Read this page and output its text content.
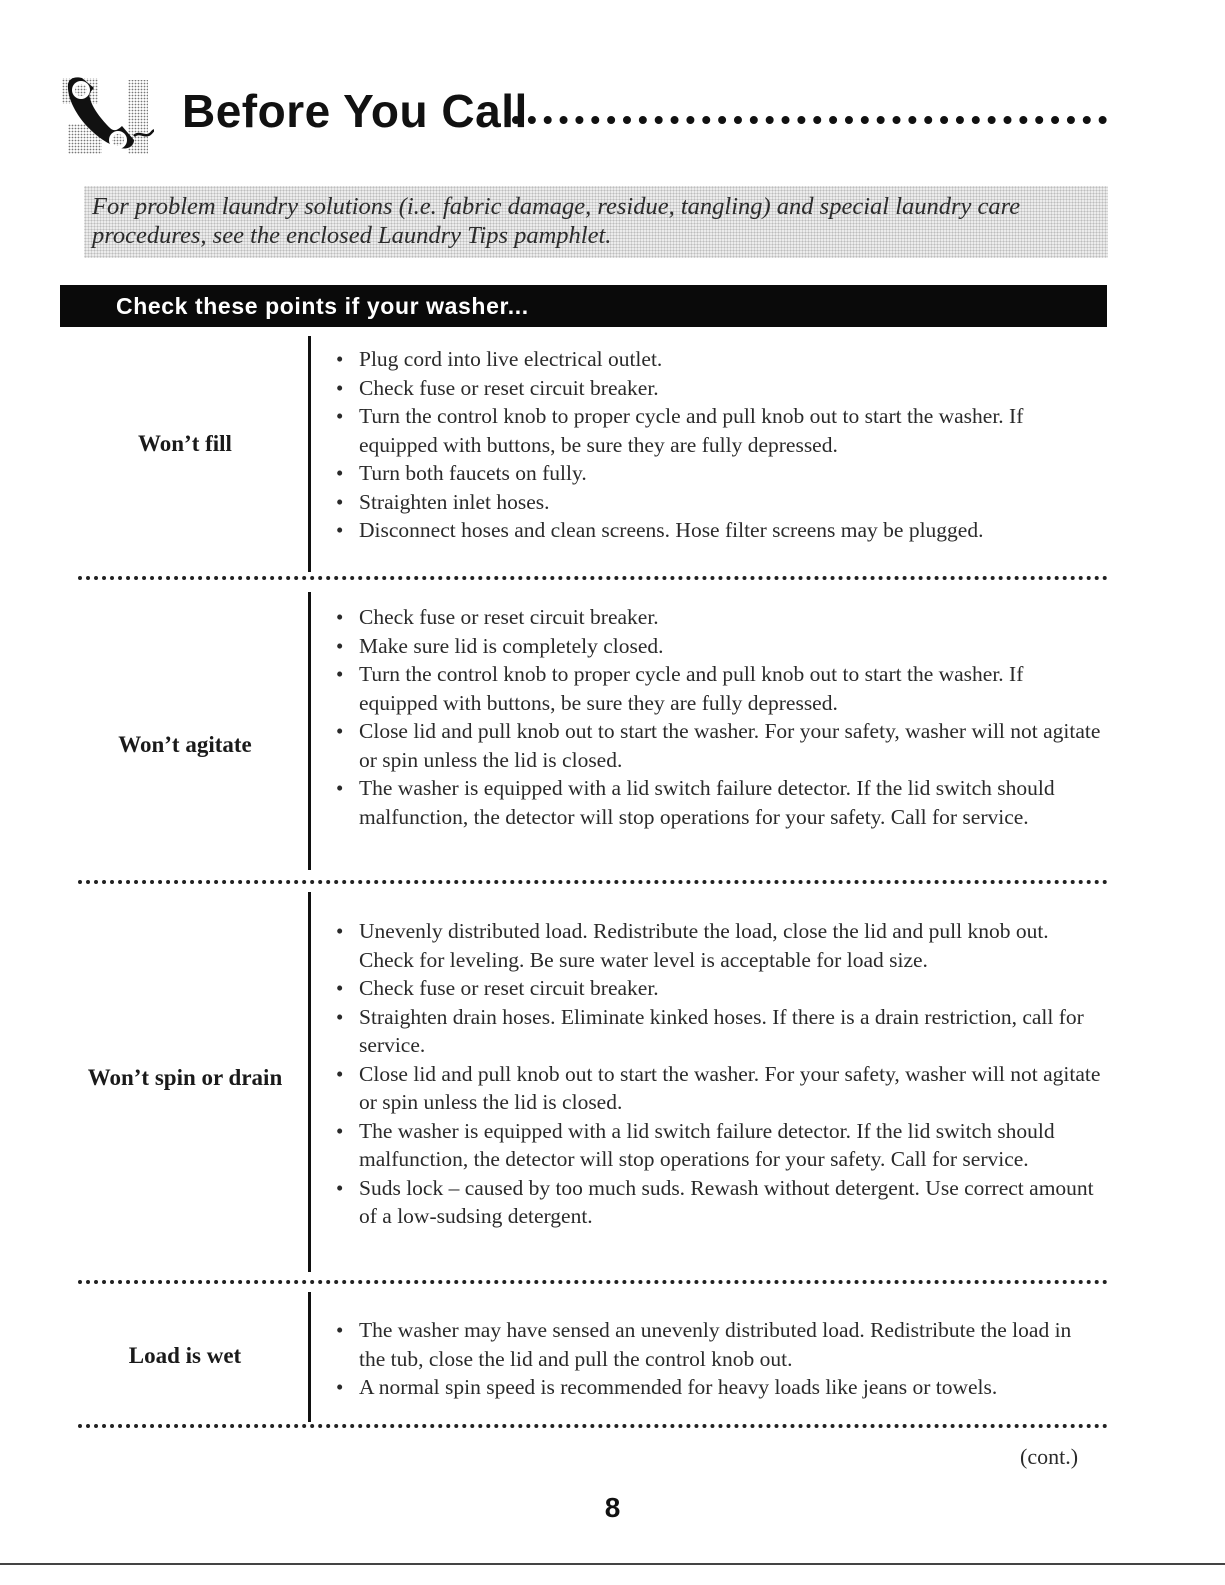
Before You Call
For problem laundry solutions (i.e. fabric damage, residue, tangling) and special laundry care procedures, see the enclosed Laundry Tips pamphlet.
Check these points if your washer...
Won’t fill
• Plug cord into live electrical outlet.
• Check fuse or reset circuit breaker.
• Turn the control knob to proper cycle and pull knob out to start the washer. If equipped with buttons, be sure they are fully depressed.
• Turn both faucets on fully.
• Straighten inlet hoses.
• Disconnect hoses and clean screens. Hose filter screens may be plugged.
Won’t agitate
• Check fuse or reset circuit breaker.
• Make sure lid is completely closed.
• Turn the control knob to proper cycle and pull knob out to start the washer. If equipped with buttons, be sure they are fully depressed.
• Close lid and pull knob out to start the washer. For your safety, washer will not agitate or spin unless the lid is closed.
• The washer is equipped with a lid switch failure detector. If the lid switch should malfunction, the detector will stop operations for your safety. Call for service.
Won’t spin or drain
• Unevenly distributed load. Redistribute the load, close the lid and pull knob out. Check for leveling. Be sure water level is acceptable for load size.
• Check fuse or reset circuit breaker.
• Straighten drain hoses. Eliminate kinked hoses. If there is a drain restriction, call for service.
• Close lid and pull knob out to start the washer. For your safety, washer will not agitate or spin unless the lid is closed.
• The washer is equipped with a lid switch failure detector. If the lid switch should malfunction, the detector will stop operations for your safety. Call for service.
• Suds lock – caused by too much suds. Rewash without detergent. Use correct amount of a low-sudsing detergent.
Load is wet
• The washer may have sensed an unevenly distributed load. Redistribute the load in the tub, close the lid and pull the control knob out.
• A normal spin speed is recommended for heavy loads like jeans or towels.
(cont.)
8
